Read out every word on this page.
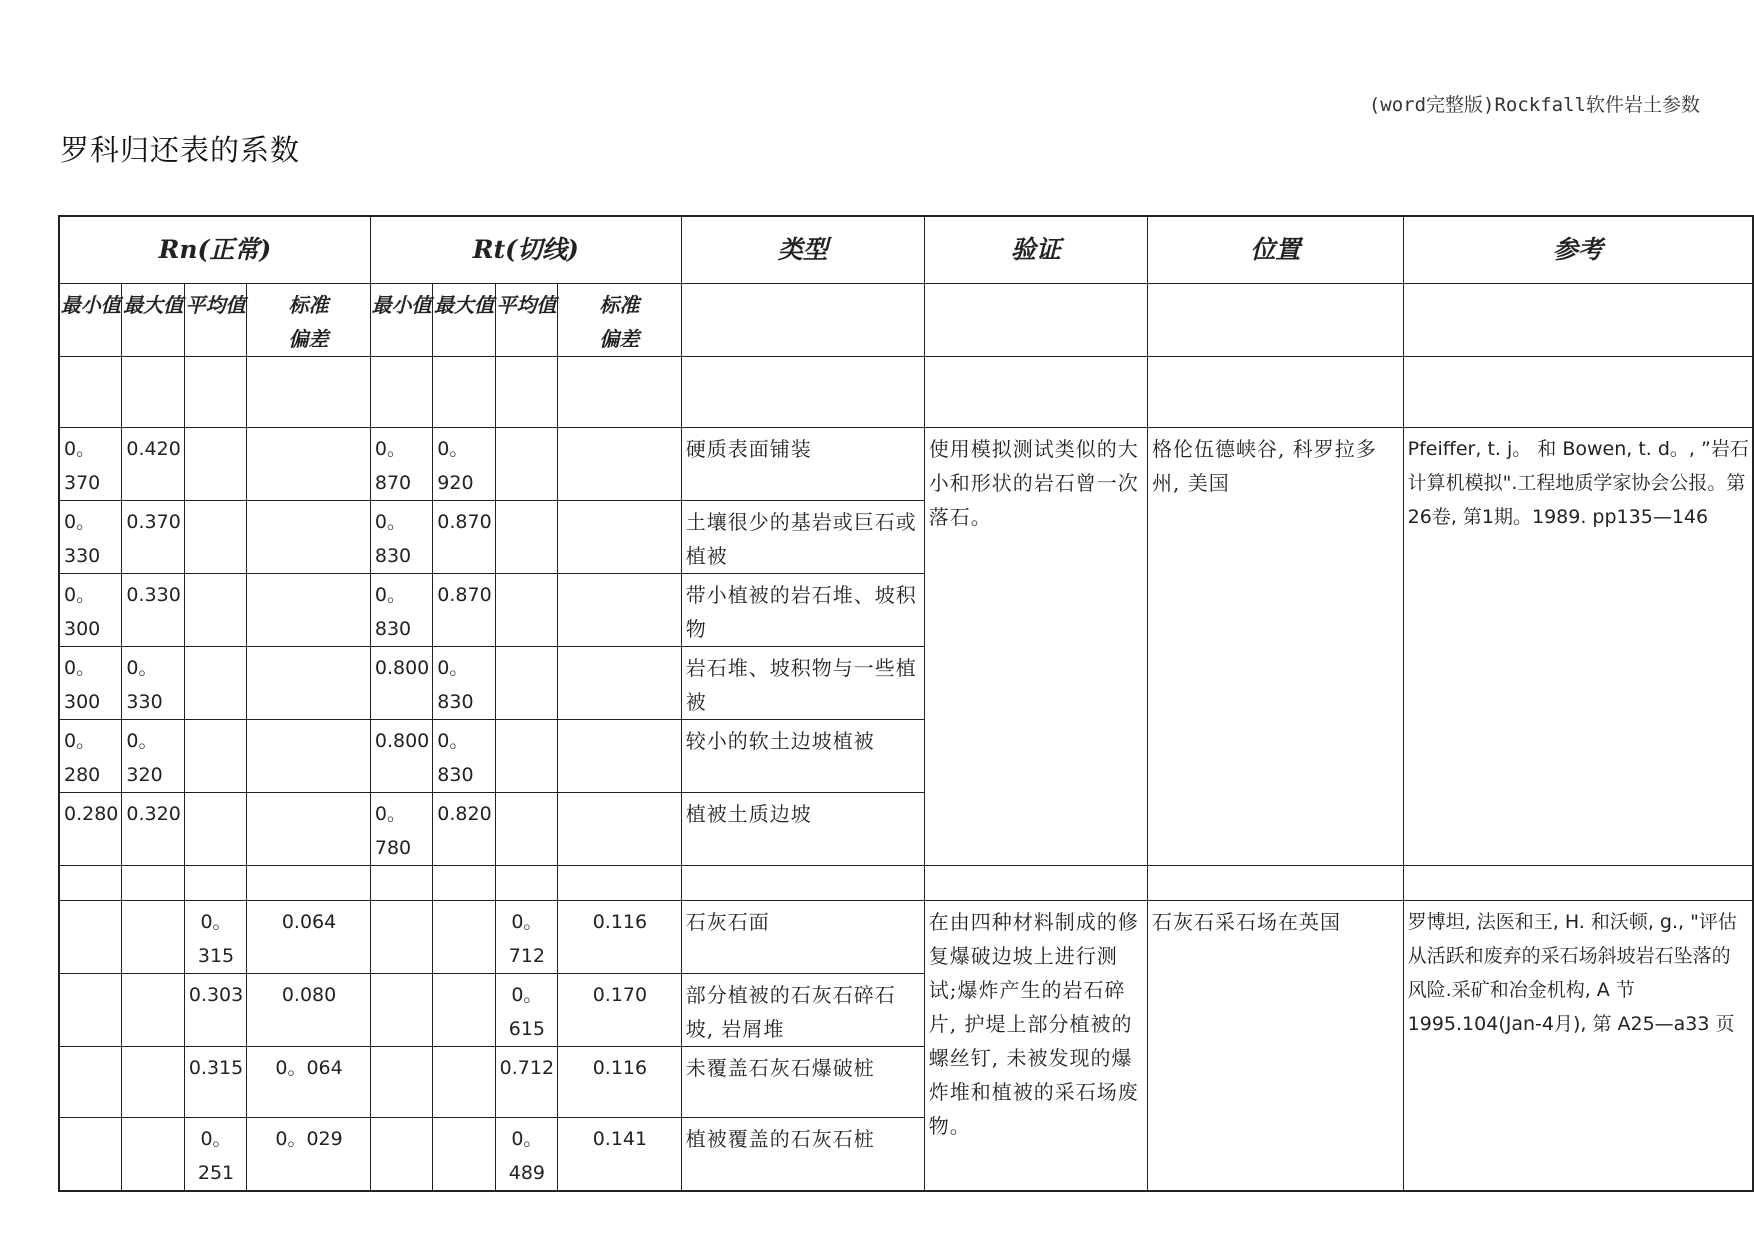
(word完整版)Rockfall软件岩土参数
罗科归还表的系数
Rn(正常)				Rt(切线)				类型	验证	位置	参考
最小值	最大值	平均值	标准偏差	最小值	最大值	平均值	标准偏差				

0。370	0.420			0。870	0。920			硬质表面铺装	使用模拟测试类似的大小和形状的岩石曾一次落石。	格伦伍德峡谷, 科罗拉多州, 美国	Pfeiffer, t. j。 和 Bowen, t. d。, ”岩石计算机模拟".工程地质学家协会公报。第26卷, 第1期。1989. pp135—146
0。330	0.370			0。830	0.870			土壤很少的基岩或巨石或植被			
0。300	0.330			0。830	0.870			带小植被的岩石堆、坡积物			
0。300	0。330			0.800	0。830			岩石堆、坡积物与一些植被			
0。280	0。320			0.800	0。830			较小的软土边坡植被			
0.280	0.320			0。780	0.820			植被土质边坡			

		0。315	0.064			0。712	0.116	石灰石面	在由四种材料制成的修复爆破边坡上进行测试;爆炸产生的岩石碎片, 护堤上部分植被的螺丝钉, 未被发现的爆炸堆和植被的采石场废物。	石灰石采石场在英国	罗博坦, 法医和王, H. 和沃顿, g., "评估从活跃和废弃的采石场斜坡岩石坠落的风险.采矿和冶金机构, A 节 1995.104(Jan-4月), 第 A25—a33 页
		0.303	0.080			0。615	0.170	部分植被的石灰石碎石坡, 岩屑堆			
		0.315	0。064			0.712	0.116	未覆盖石灰石爆破桩			
		0。251	0。029			0。489	0.141	植被覆盖的石灰石桩			
